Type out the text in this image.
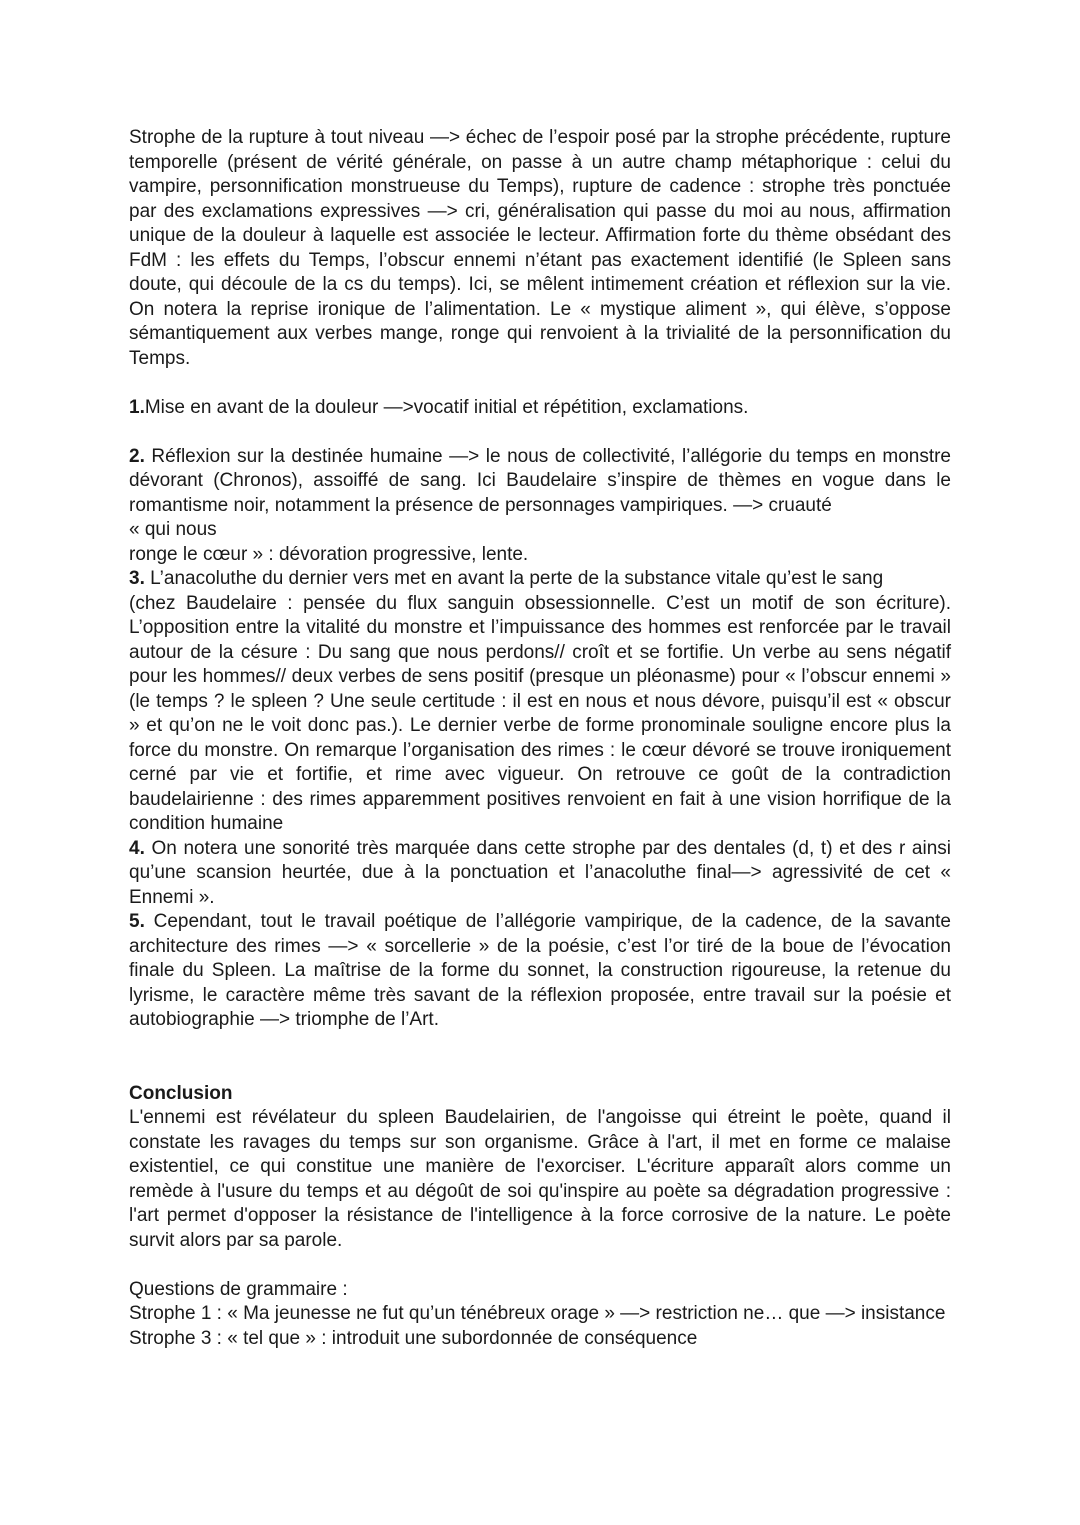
Strophe de la rupture à tout niveau —> échec de l’espoir posé par la strophe précédente, rupture temporelle (présent de vérité générale, on passe à un autre champ métaphorique : celui du vampire, personnification monstrueuse du Temps), rupture de cadence : strophe très ponctuée par des exclamations expressives —> cri, généralisation qui passe du moi au nous, affirmation unique de la douleur à laquelle est associée le lecteur. Affirmation forte du thème obsédant des FdM : les effets du Temps, l’obscur ennemi n’étant pas exactement identifié (le Spleen sans doute, qui découle de la cs du temps). Ici, se mêlent intimement création et réflexion sur la vie. On notera la reprise ironique de l’alimentation. Le « mystique aliment », qui élève, s’oppose sémantiquement aux verbes mange, ronge qui renvoient à la trivialité de la personnification du Temps.

1.Mise en avant de la douleur —>vocatif initial et répétition, exclamations.

2. Réflexion sur la destinée humaine —> le nous de collectivité, l’allégorie du temps en monstre dévorant (Chronos), assoiffé de sang. Ici Baudelaire s’inspire de thèmes en vogue dans le romantisme noir, notamment la présence de personnages vampiriques. —> cruauté

« qui nous

ronge le cœur » : dévoration progressive, lente.

3. L’anacoluthe du dernier vers met en avant la perte de la substance vitale qu’est le sang

(chez Baudelaire : pensée du flux sanguin obsessionnelle. C’est un motif de son écriture). L’opposition entre la vitalité du monstre et l’impuissance des hommes est renforcée par le travail autour de la césure : Du sang que nous perdons// croît et se fortifie. Un verbe au sens négatif pour les hommes// deux verbes de sens positif (presque un pléonasme) pour « l’obscur ennemi » (le temps ? le spleen ? Une seule certitude : il est en nous et nous dévore, puisqu’il est « obscur » et qu’on ne le voit donc pas.). Le dernier verbe de forme pronominale souligne encore plus la force du monstre. On remarque l’organisation des rimes : le cœur dévoré se trouve ironiquement cerné par vie et fortifie, et rime avec vigueur. On retrouve ce goût de la contradiction baudelairienne : des rimes apparemment positives renvoient en fait à une vision horrifique de la condition humaine

4. On notera une sonorité très marquée dans cette strophe par des dentales (d, t) et des r ainsi qu’une scansion heurtée, due à la ponctuation et l’anacoluthe final—> agressivité de cet « Ennemi ».

5. Cependant, tout le travail poétique de l’allégorie vampirique, de la cadence, de la savante architecture des rimes —> « sorcellerie » de la poésie, c’est l’or tiré de la boue de l’évocation finale du Spleen. La maîtrise de la forme du sonnet, la construction rigoureuse, la retenue du lyrisme, le caractère même très savant de la réflexion proposée, entre travail sur la poésie et autobiographie —> triomphe de l’Art.

Conclusion

L'ennemi est révélateur du spleen Baudelairien, de l'angoisse qui étreint le poète, quand il constate les ravages du temps sur son organisme. Grâce à l'art, il met en forme ce malaise existentiel, ce qui constitue une manière de l'exorciser. L'écriture apparaît alors comme un remède à l'usure du temps et au dégoût de soi qu'inspire au poète sa dégradation progressive : l'art permet d'opposer la résistance de l'intelligence à la force corrosive de la nature. Le poète survit alors par sa parole.

Questions de grammaire :

Strophe 1 : « Ma jeunesse ne fut qu’un ténébreux orage » —> restriction ne… que —> insistance

Strophe 3 : « tel que » : introduit une subordonnée de conséquence
